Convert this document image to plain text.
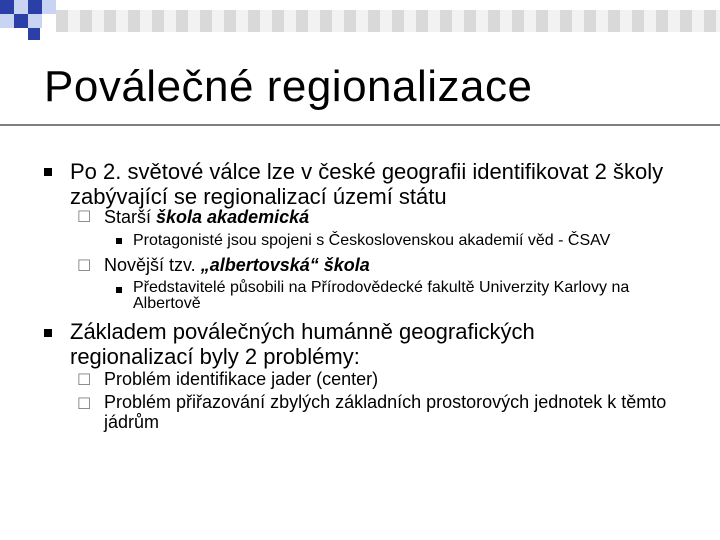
Poválečné regionalizace
Po 2. světové válce lze v české geografii identifikovat 2 školy zabývající se regionalizací území státu
☐ Starší škola akademická
Protagonisté jsou spojeni s Československou akademií věd - ČSAV
☐ Novější tzv. „albertovská“ škola
Představitelé působili na Přírodovědecké fakultě Univerzity Karlovy na Albertově
Základem poválečných humánně geografických regionalizací byly 2 problémy:
☐ Problém identifikace jader (center)
☐ Problém přiřazování zbylých základních prostorových jednotek k těmto jádrům
